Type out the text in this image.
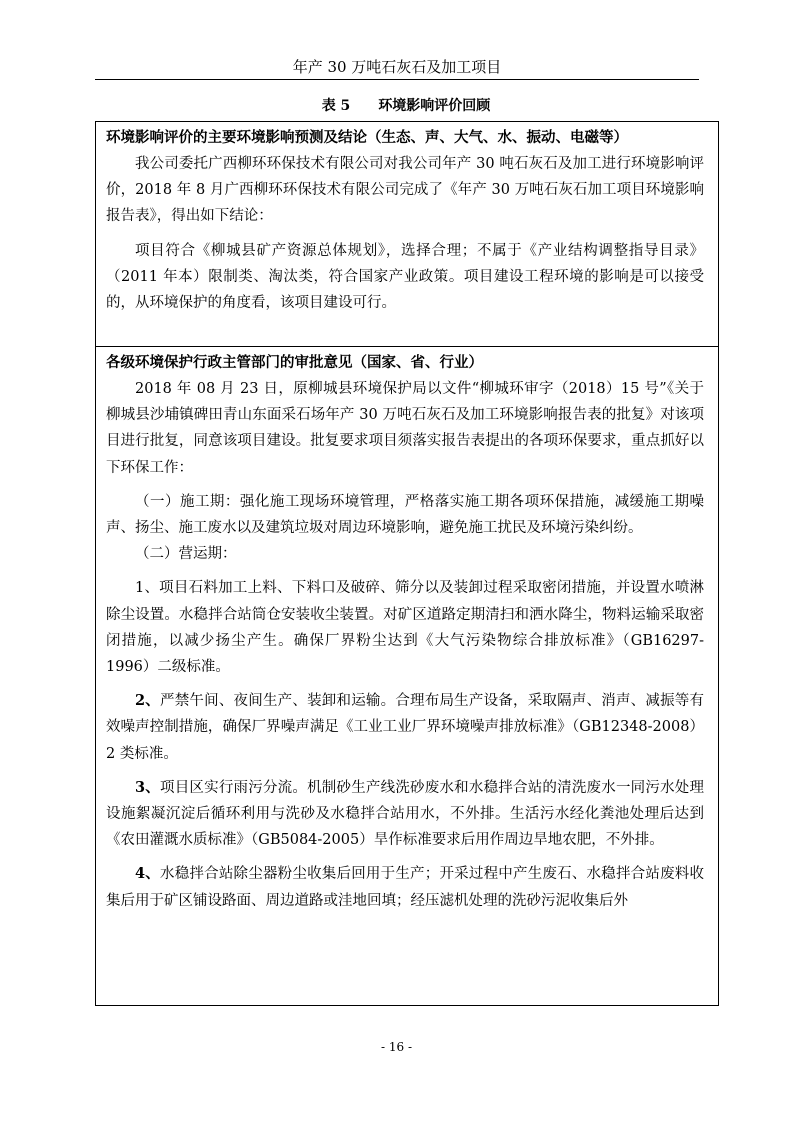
年产 30 万吨石灰石及加工项目
表 5 环境影响评价回顾
环境影响评价的主要环境影响预测及结论（生态、声、大气、水、振动、电磁等）

我公司委托广西柳环环保技术有限公司对我公司年产 30 吨石灰石及加工进行环境影响评价，2018 年 8 月广西柳环环保技术有限公司完成了《年产 30 万吨石灰石加工项目环境影响报告表》，得出如下结论：

项目符合《柳城县矿产资源总体规划》，选择合理；不属于《产业结构调整指导目录》（2011 年本）限制类、淘汰类，符合国家产业政策。项目建设工程环境的影响是可以接受的，从环境保护的角度看，该项目建设可行。

各级环境保护行政主管部门的审批意见（国家、省、行业）

2018 年 08 月 23 日，原柳城县环境保护局以文件“柳城环审字（2018）15 号”《关于柳城县沙埔镇碑田青山东面采石场年产 30 万吨石灰石及加工环境影响报告表的批复》对该项目进行批复，同意该项目建设。批复要求项目须落实报告表提出的各项环保要求，重点抓好以下环保工作：

（一）施工期：强化施工现场环境管理，严格落实施工期各项环保措施，减缓施工期噪声、扬尘、施工废水以及建筑垃圾对周边环境影响，避免施工扰民及环境污染纠纷。

（二）营运期：

1、项目石料加工上料、下料口及破碎、筛分以及装卸过程采取密闭措施，并设置水喷淋除尘设置。水稳拌合站筒仓安装收尘装置。对矿区道路定期清扫和洒水降尘，物料运输采取密闭措施，以减少扬尘产生。确保厂界粉尘达到《大气污染物综合排放标准》（GB16297-1996）二级标准。

2、严禁午间、夜间生产、装卸和运输。合理布局生产设备，采取隔声、消声、减振等有效噪声控制措施，确保厂界噪声满足《工业工业厂界环境噪声排放标准》（GB12348-2008）2 类标准。

3、项目区实行雨污分流。机制砂生产线洗砂废水和水稳拌合站的清洗废水一同污水处理设施絮凝沉淀后循环利用与洗砂及水稳拌合站用水，不外排。生活污水经化粪池处理后达到《农田灌溉水质标准》（GB5084-2005）旱作标准要求后用作周边旱地农肥，不外排。

4、水稳拌合站除尘器粉尘收集后回用于生产；开采过程中产生废石、水稳拌合站废料收集后用于矿区铺设路面、周边道路或洼地回填；经压滤机处理的洗砂污泥收集后外

- 16 -
